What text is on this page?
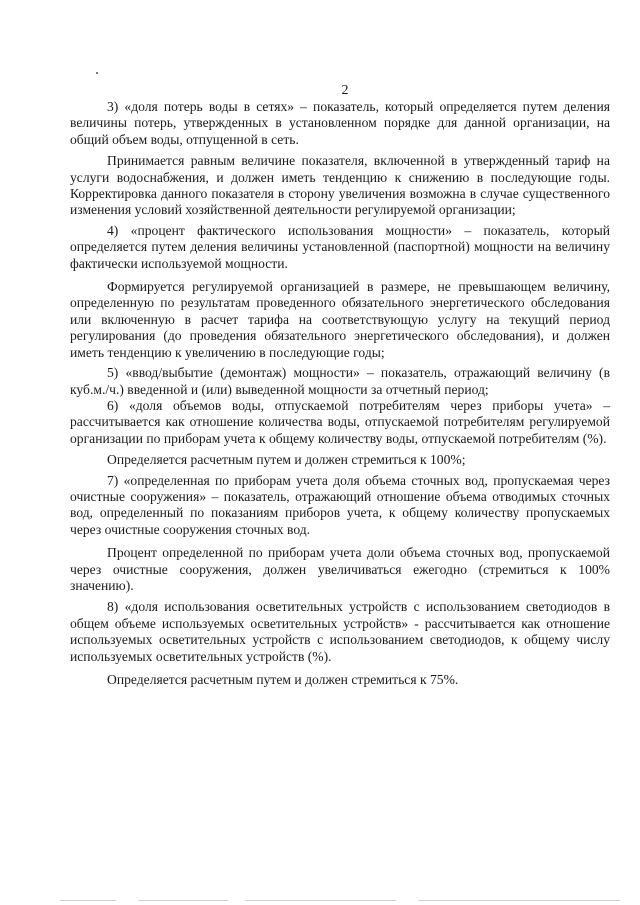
2

3) «доля потерь воды в сетях» – показатель, который определяется путем деления величины потерь, утвержденных в установленном порядке для данной организации, на общий объем воды, отпущенной в сеть.

Принимается равным величине показателя, включенной в утвержденный тариф на услуги водоснабжения, и должен иметь тенденцию к снижению в последующие годы. Корректировка данного показателя в сторону увеличения возможна в случае существенного изменения условий хозяйственной деятельности регулируемой организации;

4) «процент фактического использования мощности» – показатель, который определяется путем деления величины установленной (паспортной) мощности на величину фактически используемой мощности.

Формируется регулируемой организацией в размере, не превышающем величину, определенную по результатам проведенного обязательного энергетического обследования или включенную в расчет тарифа на соответствующую услугу на текущий период регулирования (до проведения обязательного энергетического обследования), и должен иметь тенденцию к увеличению в последующие годы;

5) «ввод/выбытие (демонтаж) мощности» – показатель, отражающий величину (в куб.м./ч.) введенной и (или) выведенной мощности за отчетный период;

6) «доля объемов воды, отпускаемой потребителям через приборы учета» – рассчитывается как отношение количества воды, отпускаемой потребителям регулируемой организации по приборам учета к общему количеству воды, отпускаемой потребителям (%).

Определяется расчетным путем и должен стремиться к 100%;

7) «определенная по приборам учета доля объема сточных вод, пропускаемая через очистные сооружения» – показатель, отражающий отношение объема отводимых сточных вод, определенный по показаниям приборов учета, к общему количеству пропускаемых через очистные сооружения сточных вод.

Процент определенной по приборам учета доли объема сточных вод, пропускаемой через очистные сооружения, должен увеличиваться ежегодно (стремиться к 100% значению).

8) «доля использования осветительных устройств с использованием светодиодов в общем объеме используемых осветительных устройств» - рассчитывается как отношение используемых осветительных устройств с использованием светодиодов, к общему числу используемых осветительных устройств (%).

Определяется расчетным путем и должен стремиться к 75%.
